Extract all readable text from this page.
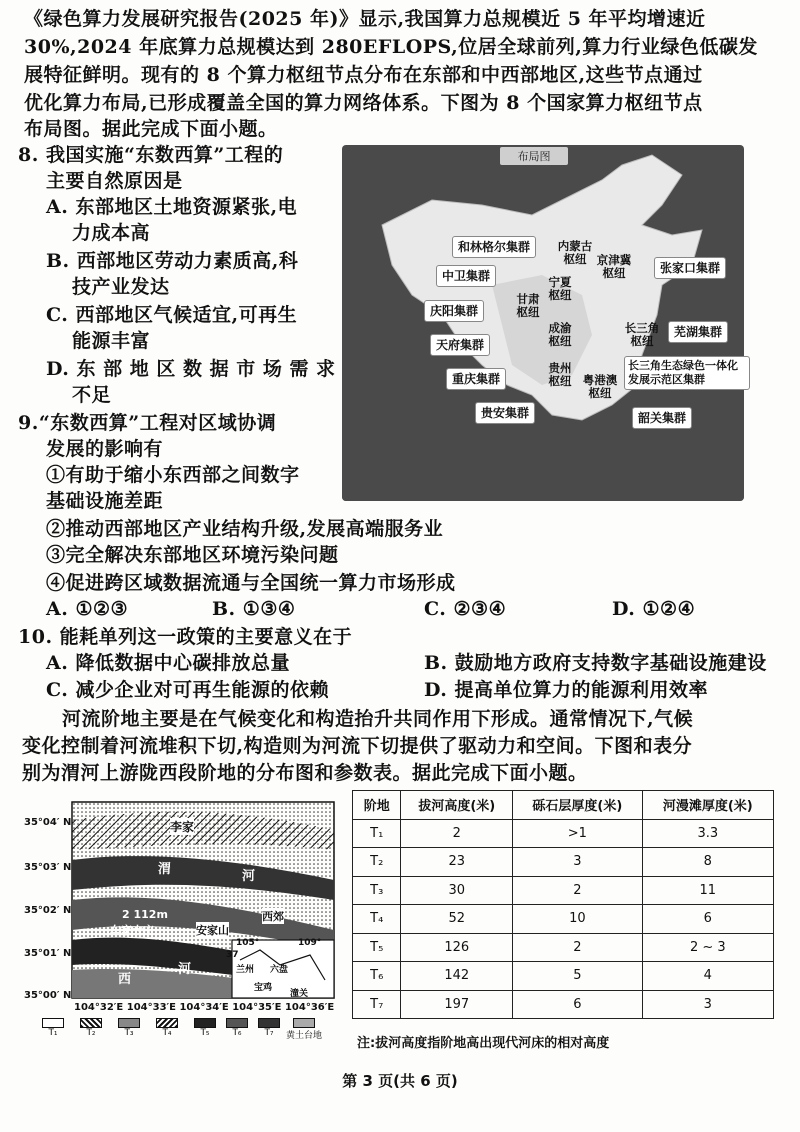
《绿色算力发展研究报告(2025 年)》显示,我国算力总规模近 5 年平均增速近
30%,2024 年底算力总规模达到 280EFLOPS,位居全球前列,算力行业绿色低碳发
展特征鲜明。现有的 8 个算力枢纽节点分布在东部和中西部地区,这些节点通过
优化算力布局,已形成覆盖全国的算力网络体系。下图为 8 个国家算力枢纽节点
布局图。据此完成下面小题。
8. 我国实施“东数西算”工程的
主要自然原因是
A. 东部地区土地资源紧张,电
力成本高
B. 西部地区劳动力素质高,科
技产业发达
C. 西部地区气候适宜,可再生
能源丰富
D. 东 部 地 区 数 据 市 场 需 求
不足
9.“东数西算”工程对区域协调
发展的影响有
①有助于缩小东西部之间数字
基础设施差距
②推动西部地区产业结构升级,发展高端服务业
③完全解决东部地区环境污染问题
④促进跨区域数据流通与全国统一算力市场形成
A. ①②③	B. ①③④	C. ②③④	D. ①②④
10. 能耗单列这一政策的主要意义在于
A. 降低数据中心碳排放总量	B. 鼓励地方政府支持数字基础设施建设
C. 减少企业对可再生能源的依赖	D. 提高单位算力的能源利用效率
河流阶地主要是在气候变化和构造抬升共同作用下形成。通常情况下,气候
变化控制着河流堆积下切,构造则为河流下切提供了驱动力和空间。下图和表分
别为渭河上游陇西段阶地的分布图和参数表。据此完成下面小题。
布局图
和林格尔集群
中卫集群
庆阳集群
天府集群
重庆集群
贵安集群
张家口集群
芜湖集群
长三角生态绿色一体化发展示范区集群
韶关集群
内蒙古
枢纽
宁夏
枢纽
甘肃
枢纽
成渝
枢纽
贵州
枢纽
京津冀
枢纽
长三角
枢纽
粤港澳
枢纽
35°04′ N
35°03′ N
35°02′ N
35°01′ N
35°00′ N
104°32′E 104°33′E 104°34′E 104°35′E 104°36′E
李家
渭	河
2 112m
车家大庄	安家山
西郊
西
河
105°	109°
37
兰州 六盘
宝鸡
潼关
T₁	T₂	T₃	T₄	T₅	T₆	T₇	黄土台地
阶地	拔河高度(米)	砾石层厚度(米)	河漫滩厚度(米)
T₁	2	>1	3.3
T₂	23	3	8
T₃	30	2	11
T₄	52	10	6
T₅	126	2	2 ~ 3
T₆	142	5	4
T₇	197	6	3
注:拔河高度指阶地高出现代河床的相对高度
第 3 页(共 6 页)
